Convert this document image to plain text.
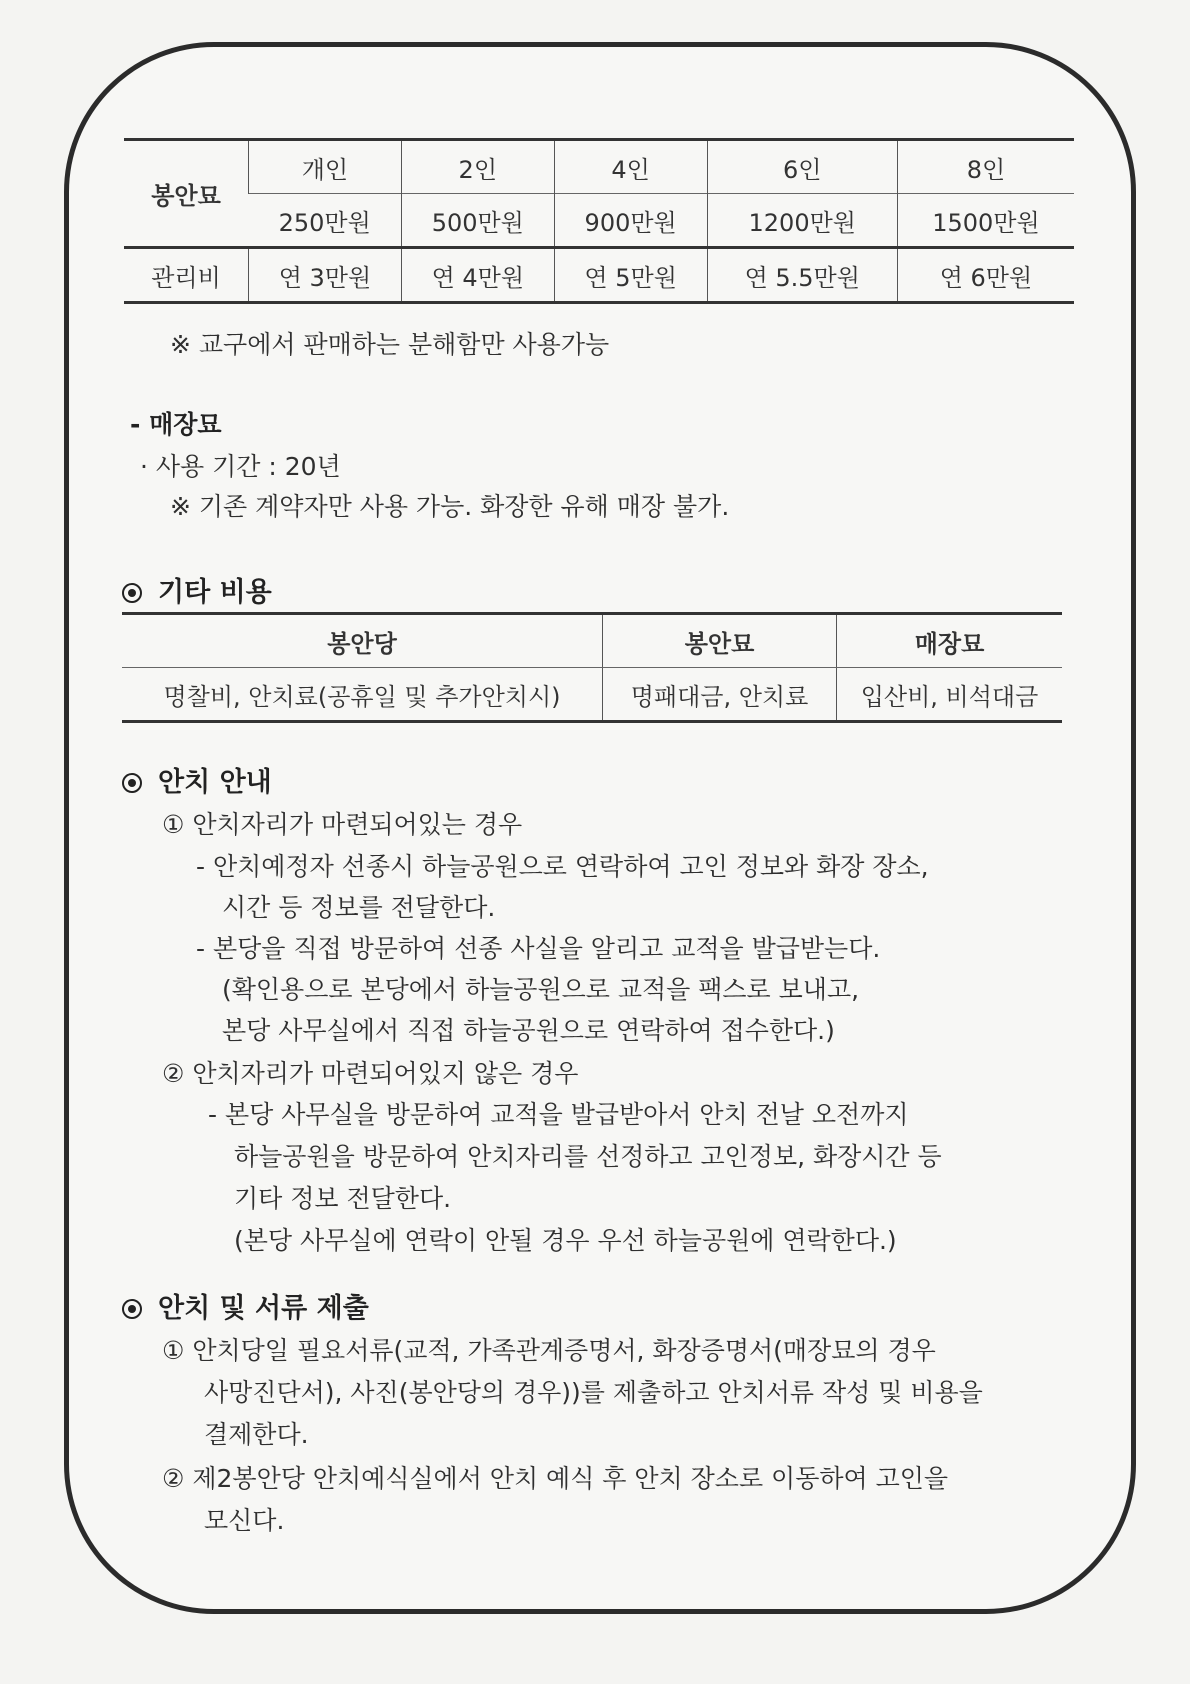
봉안묘	개인	2인	4인	6인	8인
	250만원	500만원	900만원	1200만원	1500만원
관리비	연 3만원	연 4만원	연 5만원	연 5.5만원	연 6만원
※ 교구에서 판매하는 분해함만 사용가능
- 매장묘
· 사용 기간 : 20년
※ 기존 계약자만 사용 가능. 화장한 유해 매장 불가.
기타 비용
봉안당	봉안묘	매장묘
명찰비, 안치료(공휴일 및 추가안치시)	명패대금, 안치료	입산비, 비석대금
안치 안내
① 안치자리가 마련되어있는 경우
- 안치예정자 선종시 하늘공원으로 연락하여 고인 정보와 화장 장소,
시간 등 정보를 전달한다.
- 본당을 직접 방문하여 선종 사실을 알리고 교적을 발급받는다.
(확인용으로 본당에서 하늘공원으로 교적을 팩스로 보내고,
본당 사무실에서 직접 하늘공원으로 연락하여 접수한다.)
② 안치자리가 마련되어있지 않은 경우
- 본당 사무실을 방문하여 교적을 발급받아서 안치 전날 오전까지
하늘공원을 방문하여 안치자리를 선정하고 고인정보, 화장시간 등
기타 정보 전달한다.
(본당 사무실에 연락이 안될 경우 우선 하늘공원에 연락한다.)
안치 및 서류 제출
① 안치당일 필요서류(교적, 가족관계증명서, 화장증명서(매장묘의 경우
사망진단서), 사진(봉안당의 경우))를 제출하고 안치서류 작성 및 비용을
결제한다.
② 제2봉안당 안치예식실에서 안치 예식 후 안치 장소로 이동하여 고인을
모신다.
